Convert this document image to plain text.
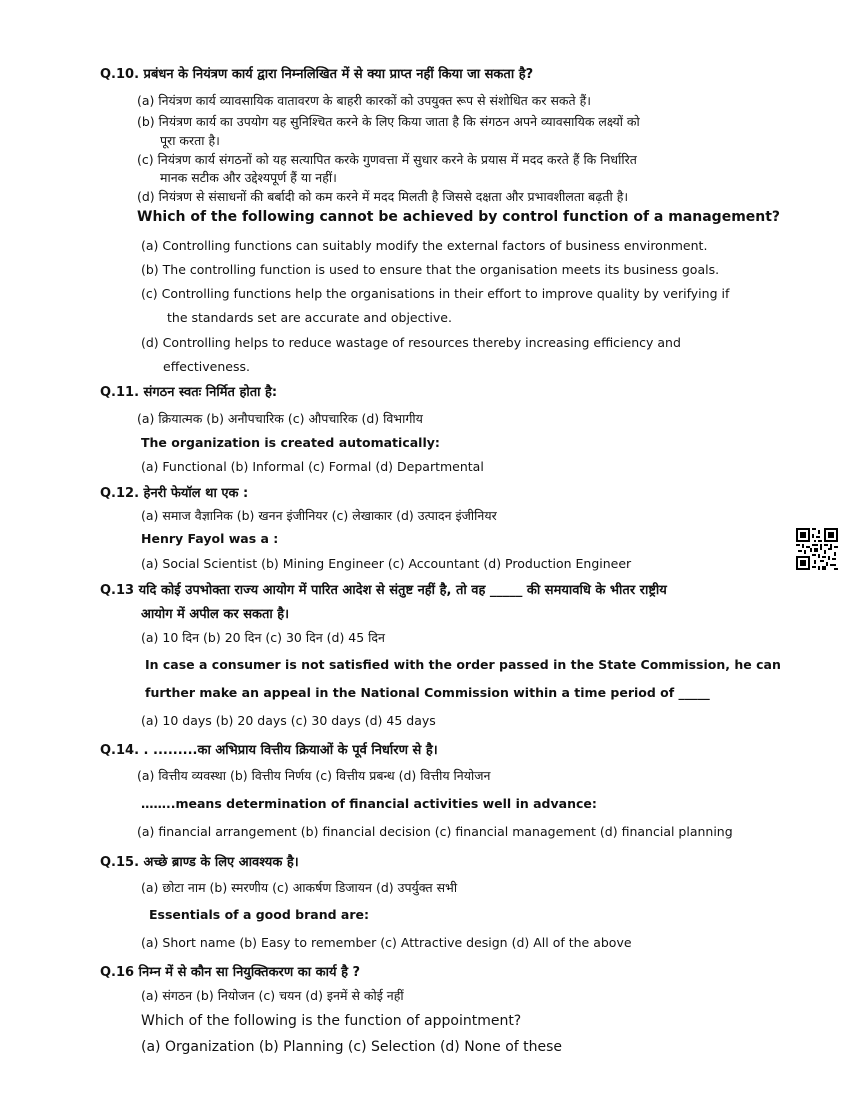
Q.10. प्रबंधन के नियंत्रण कार्य द्वारा निम्नलिखित में से क्या प्राप्त नहीं किया जा सकता है?
(a) नियंत्रण कार्य व्यावसायिक वातावरण के बाहरी कारकों को उपयुक्त रूप से संशोधित कर सकते हैं।
(b) नियंत्रण कार्य का उपयोग यह सुनिश्चित करने के लिए किया जाता है कि संगठन अपने व्यावसायिक लक्ष्यों को
पूरा करता है।
(c) नियंत्रण कार्य संगठनों को यह सत्यापित करके गुणवत्ता में सुधार करने के प्रयास में मदद करते हैं कि निर्धारित
मानक सटीक और उद्देश्यपूर्ण हैं या नहीं।
(d) नियंत्रण से संसाधनों की बर्बादी को कम करने में मदद मिलती है जिससे दक्षता और प्रभावशीलता बढ़ती है।
Which of the following cannot be achieved by control function of a management?
(a) Controlling functions can suitably modify the external factors of business environment.
(b) The controlling function is used to ensure that the organisation meets its business goals.
(c) Controlling functions help the organisations in their effort to improve quality by verifying if
the standards set are accurate and objective.
(d) Controlling helps to reduce wastage of resources thereby increasing efficiency and
effectiveness.
Q.11. संगठन स्वतः निर्मित होता है:
(a) क्रियात्मक (b) अनौपचारिक (c) औपचारिक (d) विभागीय
The organization is created automatically:
(a) Functional (b) Informal (c) Formal (d) Departmental
Q.12. हेनरी फेयॉल था एक :
(a) समाज वैज्ञानिक (b) खनन इंजीनियर (c) लेखाकार (d) उत्पादन इंजीनियर
Henry Fayol was a :
(a) Social Scientist (b) Mining Engineer (c) Accountant (d) Production Engineer
Q.13 यदि कोई उपभोक्ता राज्य आयोग में पारित आदेश से संतुष्ट नहीं है, तो वह _____ की समयावधि के भीतर राष्ट्रीय
आयोग में अपील कर सकता है।
(a) 10 दिन (b) 20 दिन (c) 30 दिन (d) 45 दिन
In case a consumer is not satisfied with the order passed in the State Commission, he can
further make an appeal in the National Commission within a time period of _____
(a) 10 days (b) 20 days (c) 30 days (d) 45 days
Q.14. . .........का अभिप्राय वित्तीय क्रियाओं के पूर्व निर्धारण से है।
(a) वित्तीय व्यवस्था (b) वित्तीय निर्णय (c) वित्तीय प्रबन्ध (d) वित्तीय नियोजन
……..means determination of financial activities well in advance:
(a) financial arrangement (b) financial decision (c) financial management (d) financial planning
Q.15. अच्छे ब्राण्ड के लिए आवश्यक है।
(a) छोटा नाम (b) स्मरणीय (c) आकर्षण डिजायन (d) उपर्युक्त सभी
Essentials of a good brand are:
(a) Short name (b) Easy to remember (c) Attractive design (d) All of the above
Q.16 निम्न में से कौन सा नियुक्तिकरण का कार्य है ?
(a) संगठन (b) नियोजन (c) चयन (d) इनमें से कोई नहीं
Which of the following is the function of appointment?
(a) Organization (b) Planning (c) Selection (d) None of these
